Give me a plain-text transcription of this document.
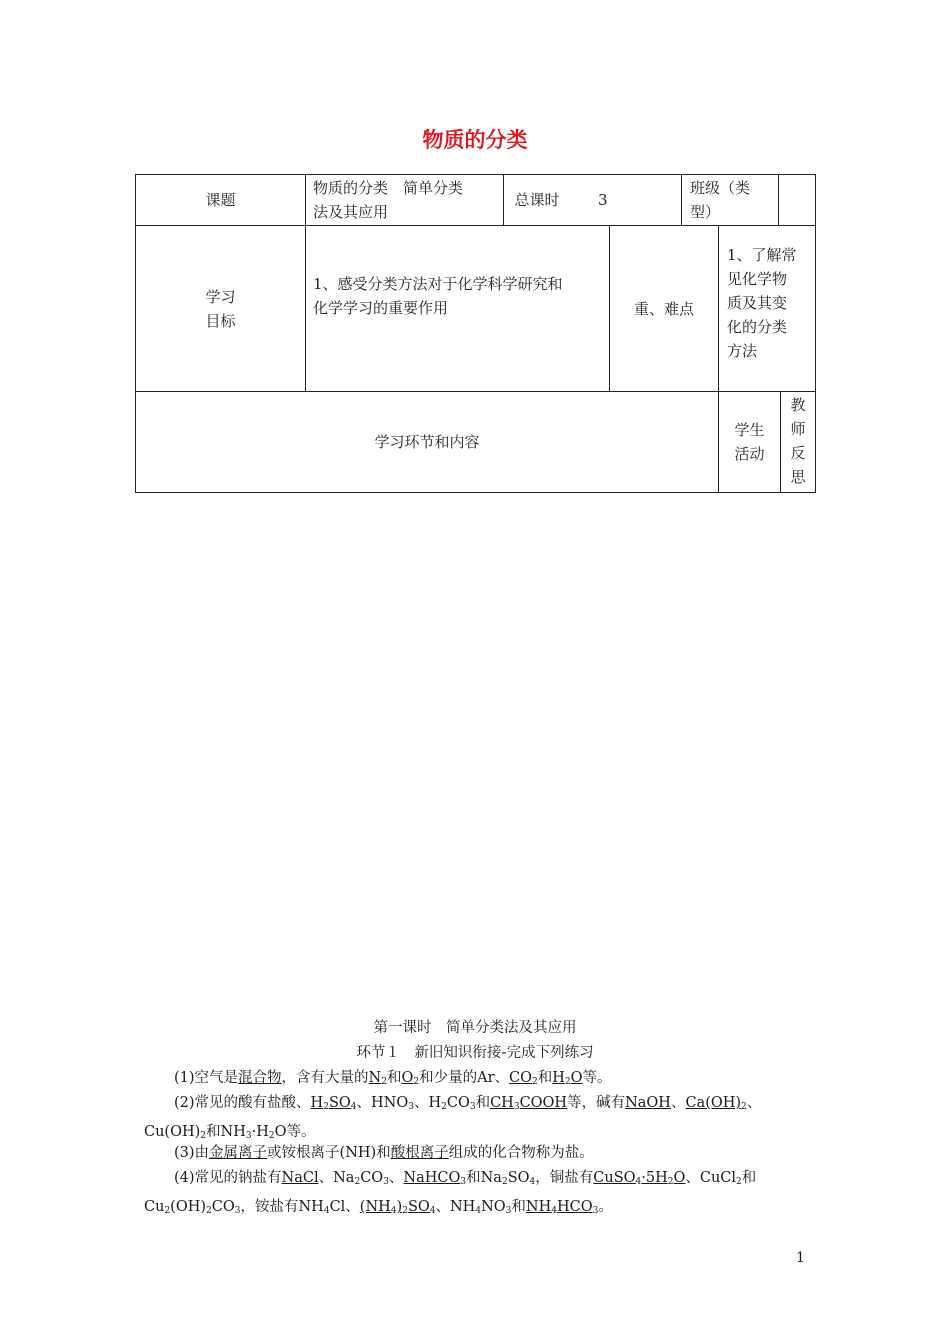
物质的分类
课题
物质的分类　简单分类
法及其应用
总课时	3
班级（类
型）
学习
目标
1、感受分类方法对于化学科学研究和
化学学习的重要作用	重、难点
1、了解常
见化学物
质及其变
化的分类
方法
学习环节和内容
学生
活动
教
师
反
思
第一课时　简单分类法及其应用
环节１　新旧知识衔接-完成下列练习
(1)空气是混合物，含有大量的$N_2$和$O_2$和少量的Ar、$CO_2$和$H_2O$等。
(2)常见的酸有盐酸、$H_2SO_4$、$HNO_3$、$H_2CO_3$和$CH_3COOH$等，碱有NaOH、$Ca(OH)_2$、$Cu(OH)_2$和$NH_3\cdot H_2O$等。
(3)由金属离子或铵根离子(NH)和酸根离子组成的化合物称为盐。
(4)常见的钠盐有NaCl、$Na_2CO_3$、NaHCO$_3$和$Na_2SO_4$，铜盐有$CuSO_4\cdot 5H_2O$、CuCl$_2$和$Cu_2(OH)_2CO_3$，铵盐有$NH_4Cl$、$(NH_4)_2SO_4$、$NH_4NO_3$和$NH_4HCO_3$。
1
